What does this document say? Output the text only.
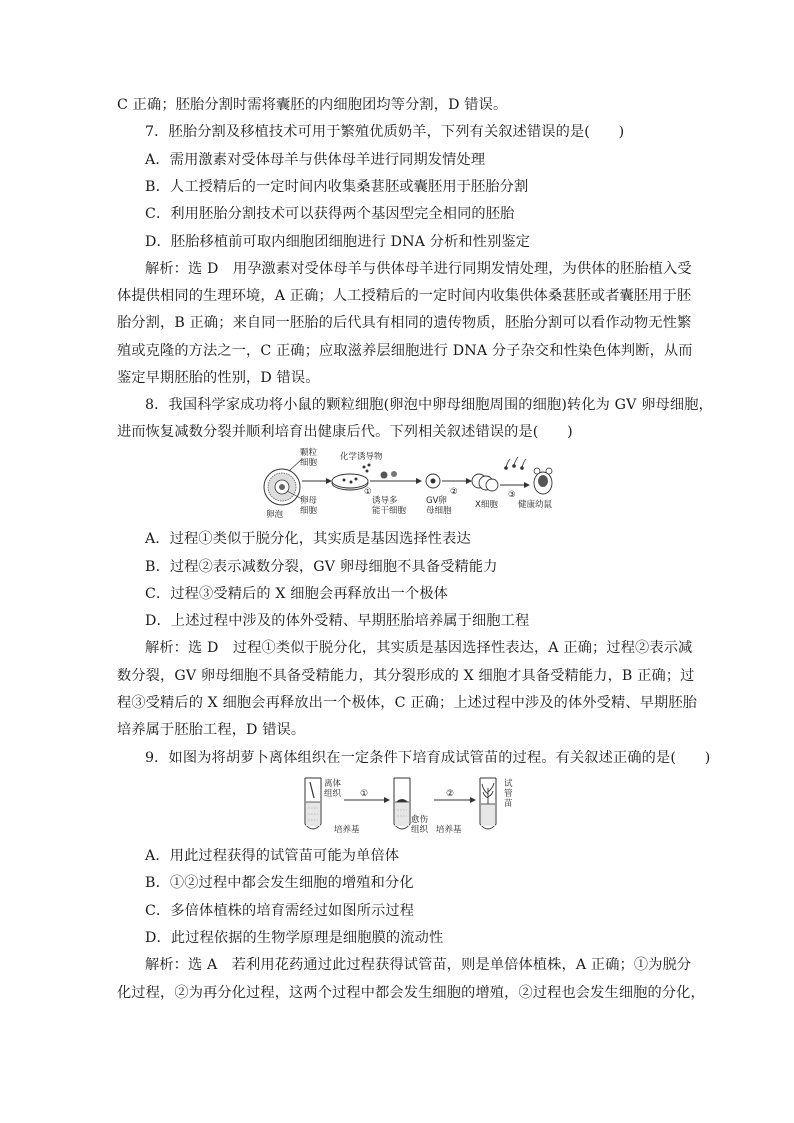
C 正确；胚胎分割时需将囊胚的内细胞团均等分割，D 错误。
7．胚胎分割及移植技术可用于繁殖优质奶羊，下列有关叙述错误的是(　　)
A．需用激素对受体母羊与供体母羊进行同期发情处理
B．人工授精后的一定时间内收集桑葚胚或囊胚用于胚胎分割
C．利用胚胎分割技术可以获得两个基因型完全相同的胚胎
D．胚胎移植前可取内细胞团细胞进行 DNA 分析和性别鉴定
解析：选 D　用孕激素对受体母羊与供体母羊进行同期发情处理，为供体的胚胎植入受
体提供相同的生理环境，A 正确；人工授精后的一定时间内收集供体桑葚胚或者囊胚用于胚
胎分割，B 正确；来自同一胚胎的后代具有相同的遗传物质，胚胎分割可以看作动物无性繁
殖或克隆的方法之一，C 正确；应取滋养层细胞进行 DNA 分子杂交和性染色体判断，从而
鉴定早期胚胎的性别，D 错误。
8．我国科学家成功将小鼠的颗粒细胞(卵泡中卵母细胞周围的细胞)转化为 GV 卵母细胞，
进而恢复减数分裂并顺利培育出健康后代。下列相关叙述错误的是(　　)
颗粒
细胞
卵母
细胞
卵泡
化学诱导物
①
诱导多
能干细胞
GV卵
母细胞
②
X细胞
③
健康幼鼠
A．过程①类似于脱分化，其实质是基因选择性表达
B．过程②表示减数分裂，GV 卵母细胞不具备受精能力
C．过程③受精后的 X 细胞会再释放出一个极体
D．上述过程中涉及的体外受精、早期胚胎培养属于细胞工程
解析：选 D　过程①类似于脱分化，其实质是基因选择性表达，A 正确；过程②表示减
数分裂，GV 卵母细胞不具备受精能力，其分裂形成的 X 细胞才具备受精能力，B 正确；过
程③受精后的 X 细胞会再释放出一个极体，C 正确；上述过程中涉及的体外受精、早期胚胎
培养属于胚胎工程，D 错误。
9．如图为将胡萝卜离体组织在一定条件下培育成试管苗的过程。有关叙述正确的是(　　)
离体
组织 ①
培养基
愈伤
组织
②
培养基
试
管
苗
A．用此过程获得的试管苗可能为单倍体
B．①②过程中都会发生细胞的增殖和分化
C．多倍体植株的培育需经过如图所示过程
D．此过程依据的生物学原理是细胞膜的流动性
解析：选 A　若利用花药通过此过程获得试管苗，则是单倍体植株，A 正确；①为脱分
化过程，②为再分化过程，这两个过程中都会发生细胞的增殖，②过程也会发生细胞的分化，
